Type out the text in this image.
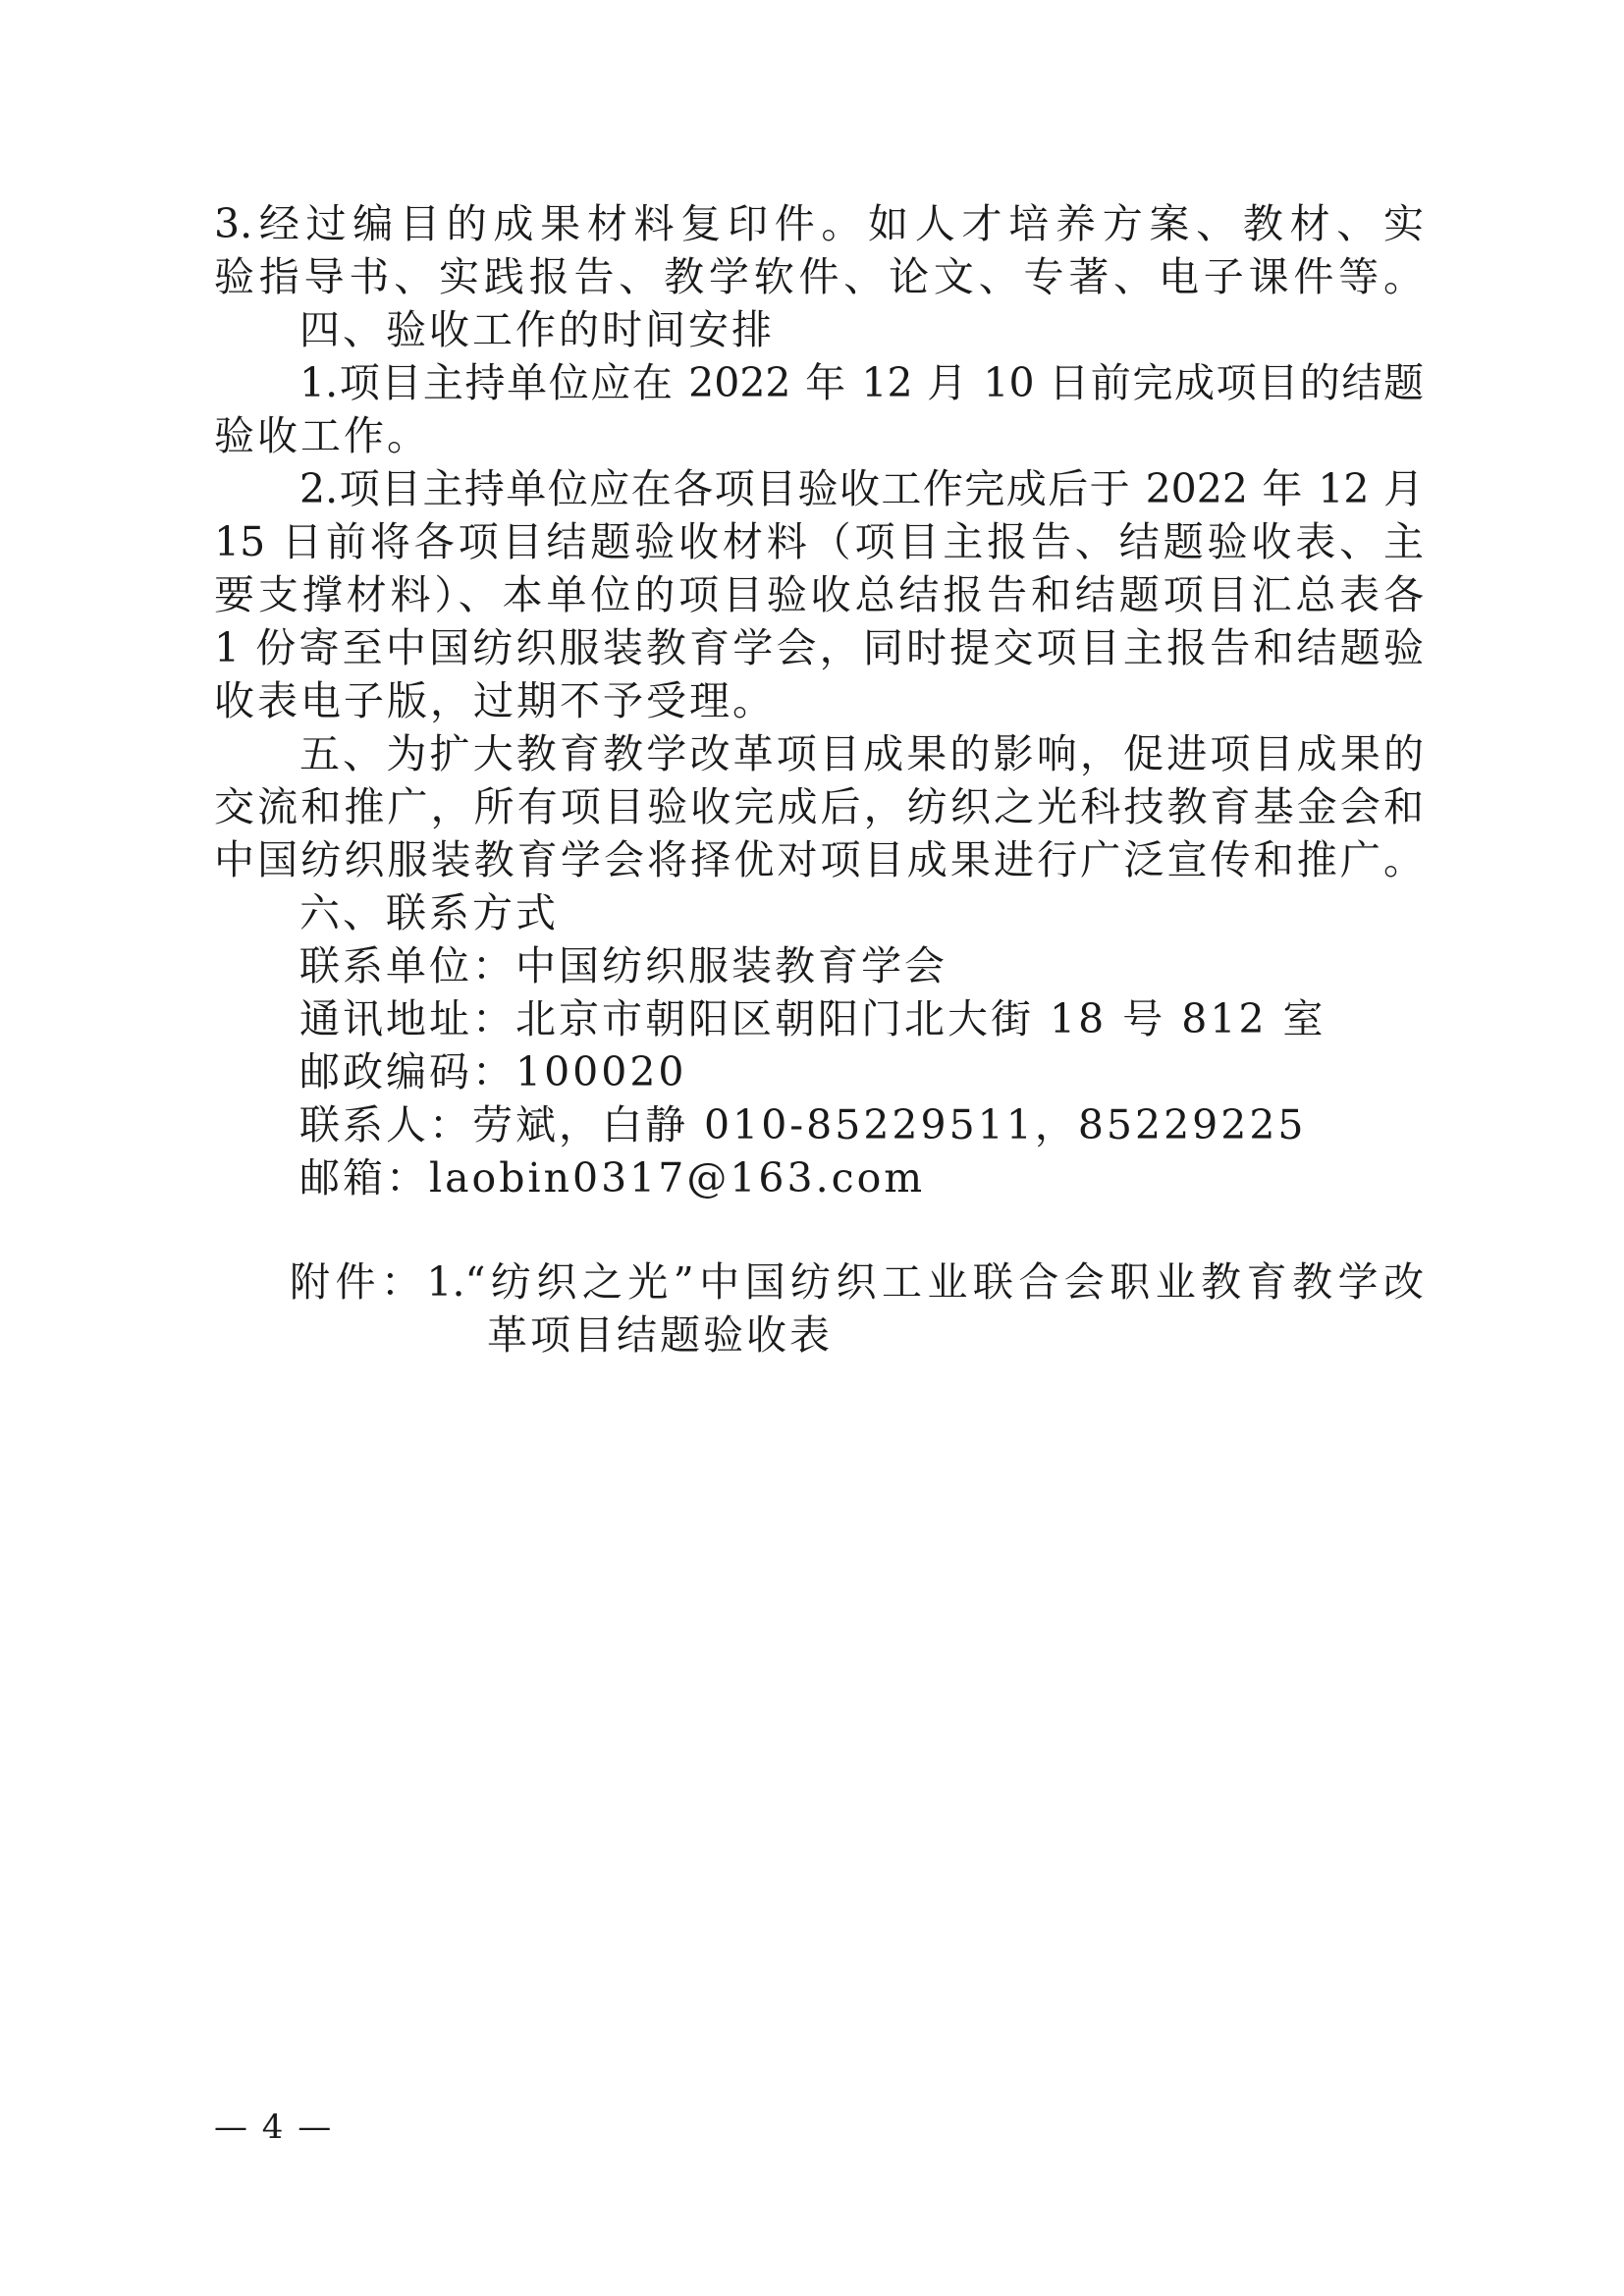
3.经过编目的成果材料复印件。如人才培养方案、教材、实
验指导书、实践报告、教学软件、论文、专著、电子课件等。
四、验收工作的时间安排
1.项目主持单位应在 2022 年 12 月 10 日前完成项目的结题
验收工作。
2.项目主持单位应在各项目验收工作完成后于 2022 年 12 月
15 日前将各项目结题验收材料（项目主报告、结题验收表、主
要支撑材料）、本单位的项目验收总结报告和结题项目汇总表各
1 份寄至中国纺织服装教育学会，同时提交项目主报告和结题验
收表电子版，过期不予受理。
五、为扩大教育教学改革项目成果的影响，促进项目成果的
交流和推广，所有项目验收完成后，纺织之光科技教育基金会和
中国纺织服装教育学会将择优对项目成果进行广泛宣传和推广。
六、联系方式
联系单位：中国纺织服装教育学会
通讯地址：北京市朝阳区朝阳门北大街 18 号 812 室
邮政编码：100020
联系人：劳斌，白静 010-85229511，85229225
邮箱：laobin0317@163.com
附件：1.“纺织之光”中国纺织工业联合会职业教育教学改
革项目结题验收表
— 4 —
